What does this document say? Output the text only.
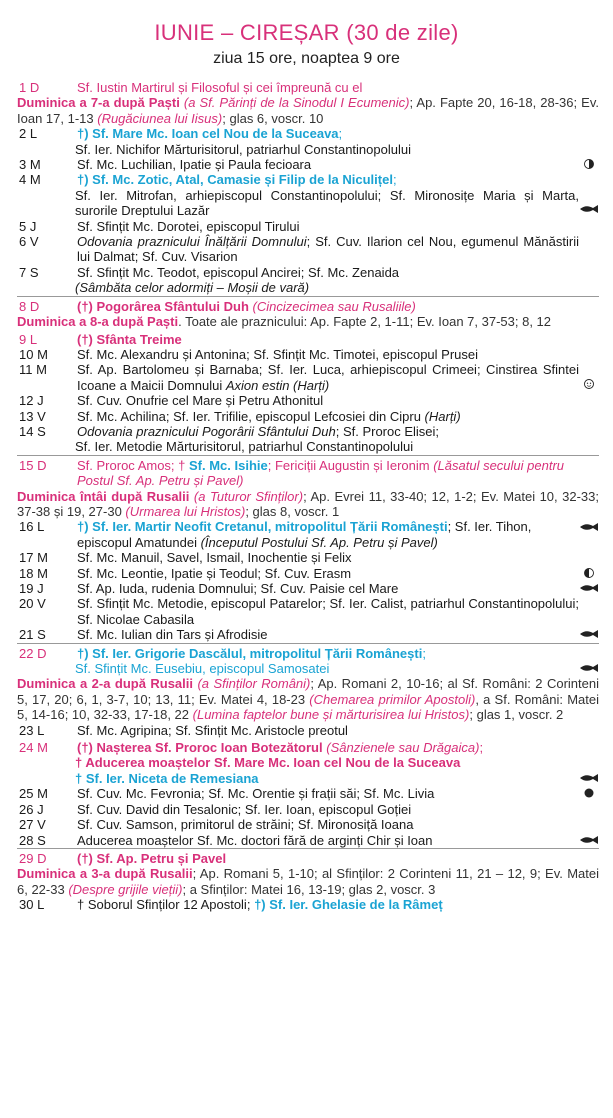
IUNIE – CIREȘAR (30 de zile)
ziua 15 ore, noaptea 9 ore
1 D	Sf. Iustin Martirul și Filosoful și cei împreună cu el
Duminica a 7-a după Paști (a Sf. Părinți de la Sinodul I Ecumenic); Ap. Fapte 20, 16-18, 28-36; Ev. Ioan 17, 1-13 (Rugăciunea lui Iisus); glas 6, voscr. 10
2 L	†) Sf. Mare Mc. Ioan cel Nou de la Suceava;
Sf. Ier. Nichifor Mărturisitorul, patriarhul Constantinopolului
3 M	Sf. Mc. Luchilian, Ipatie și Paula fecioara
4 M	†) Sf. Mc. Zotic, Atal, Camasie și Filip de la Niculițel;
Sf. Ier. Mitrofan, arhiepiscopul Constantinopolului; Sf. Mironosițe Maria și Marta, surorile Dreptului Lazăr
5 J	Sf. Sfințit Mc. Dorotei, episcopul Tirului
6 V	Odovania praznicului Înălțării Domnului; Sf. Cuv. Ilarion cel Nou, egumenul Mănăstirii lui Dalmat; Sf. Cuv. Visarion
7 S	Sf. Sfințit Mc. Teodot, episcopul Ancirei; Sf. Mc. Zenaida
(Sâmbăta celor adormiți – Moșii de vară)
8 D	(†) Pogorârea Sfântului Duh (Cincizecimea sau Rusaliile)
Duminica a 8-a după Paști. Toate ale praznicului: Ap. Fapte 2, 1-11; Ev. Ioan 7, 37-53; 8, 12
9 L	(†) Sfânta Treime
10 M	Sf. Mc. Alexandru și Antonina; Sf. Sfințit Mc. Timotei, episcopul Prusei
11 M	Sf. Ap. Bartolomeu și Barnaba; Sf. Ier. Luca, arhiepiscopul Crimeei; Cinstirea Sfintei Icoane a Maicii Domnului Axion estin (Harți)
12 J	Sf. Cuv. Onufrie cel Mare și Petru Athonitul
13 V	Sf. Mc. Achilina; Sf. Ier. Trifilie, episcopul Lefcosiei din Cipru (Harți)
14 S	Odovania praznicului Pogorârii Sfântului Duh; Sf. Proroc Elisei;
Sf. Ier. Metodie Mărturisitorul, patriarhul Constantinopolului
15 D	Sf. Proroc Amos; † Sf. Mc. Isihie; Fericiții Augustin și Ieronim (Lăsatul secului pentru Postul Sf. Ap. Petru și Pavel)
Duminica întâi după Rusalii (a Tuturor Sfinților); Ap. Evrei 11, 33-40; 12, 1-2; Ev. Matei 10, 32-33; 37-38 și 19, 27-30 (Urmarea lui Hristos); glas 8, voscr. 1
16 L	†) Sf. Ier. Martir Neofit Cretanul, mitropolitul Țării Românești; Sf. Ier. Tihon, episcopul Amatundei (Începutul Postului Sf. Ap. Petru și Pavel)
17 M	Sf. Mc. Manuil, Savel, Ismail, Inochentie și Felix
18 M	Sf. Mc. Leontie, Ipatie și Teodul; Sf. Cuv. Erasm
19 J	Sf. Ap. Iuda, rudenia Domnului; Sf. Cuv. Paisie cel Mare
20 V	Sf. Sfințit Mc. Metodie, episcopul Patarelor; Sf. Ier. Calist, patriarhul Constantinopolului; Sf. Nicolae Cabasila
21 S	Sf. Mc. Iulian din Tars și Afrodisie
22 D	†) Sf. Ier. Grigorie Dascălul, mitropolitul Țării Românești;
Sf. Sfințit Mc. Eusebiu, episcopul Samosatei
Duminica a 2-a după Rusalii (a Sfinților Români); Ap. Romani 2, 10-16; al Sf. Români: 2 Corinteni 5, 17, 20; 6, 1, 3-7, 10; 13, 11; Ev. Matei 4, 18-23 (Chemarea primilor Apostoli), a Sf. Români: Matei 5, 14-16; 10, 32-33, 17-18, 22 (Lumina faptelor bune și mărturisirea lui Hristos); glas 1, voscr. 2
23 L	Sf. Mc. Agripina; Sf. Sfințit Mc. Aristocle preotul
24 M	(†) Nașterea Sf. Proroc Ioan Botezătorul (Sânzienele sau Drăgaica);
† Aducerea moaștelor Sf. Mare Mc. Ioan cel Nou de la Suceava
† Sf. Ier. Niceta de Remesiana
25 M	Sf. Cuv. Mc. Fevronia; Sf. Mc. Orentie și frații săi; Sf. Mc. Livia
26 J	Sf. Cuv. David din Tesalonic; Sf. Ier. Ioan, episcopul Goției
27 V	Sf. Cuv. Samson, primitorul de străini; Sf. Mironosiță Ioana
28 S	Aducerea moaștelor Sf. Mc. doctori fără de arginți Chir și Ioan
29 D	(†) Sf. Ap. Petru și Pavel
Duminica a 3-a după Rusalii; Ap. Romani 5, 1-10; al Sfinților: 2 Corinteni 11, 21 – 12, 9; Ev. Matei 6, 22-33 (Despre grijile vieții); a Sfinților: Matei 16, 13-19; glas 2, voscr. 3
30 L	† Soborul Sfinților 12 Apostoli; †) Sf. Ier. Ghelasie de la Râmeț
